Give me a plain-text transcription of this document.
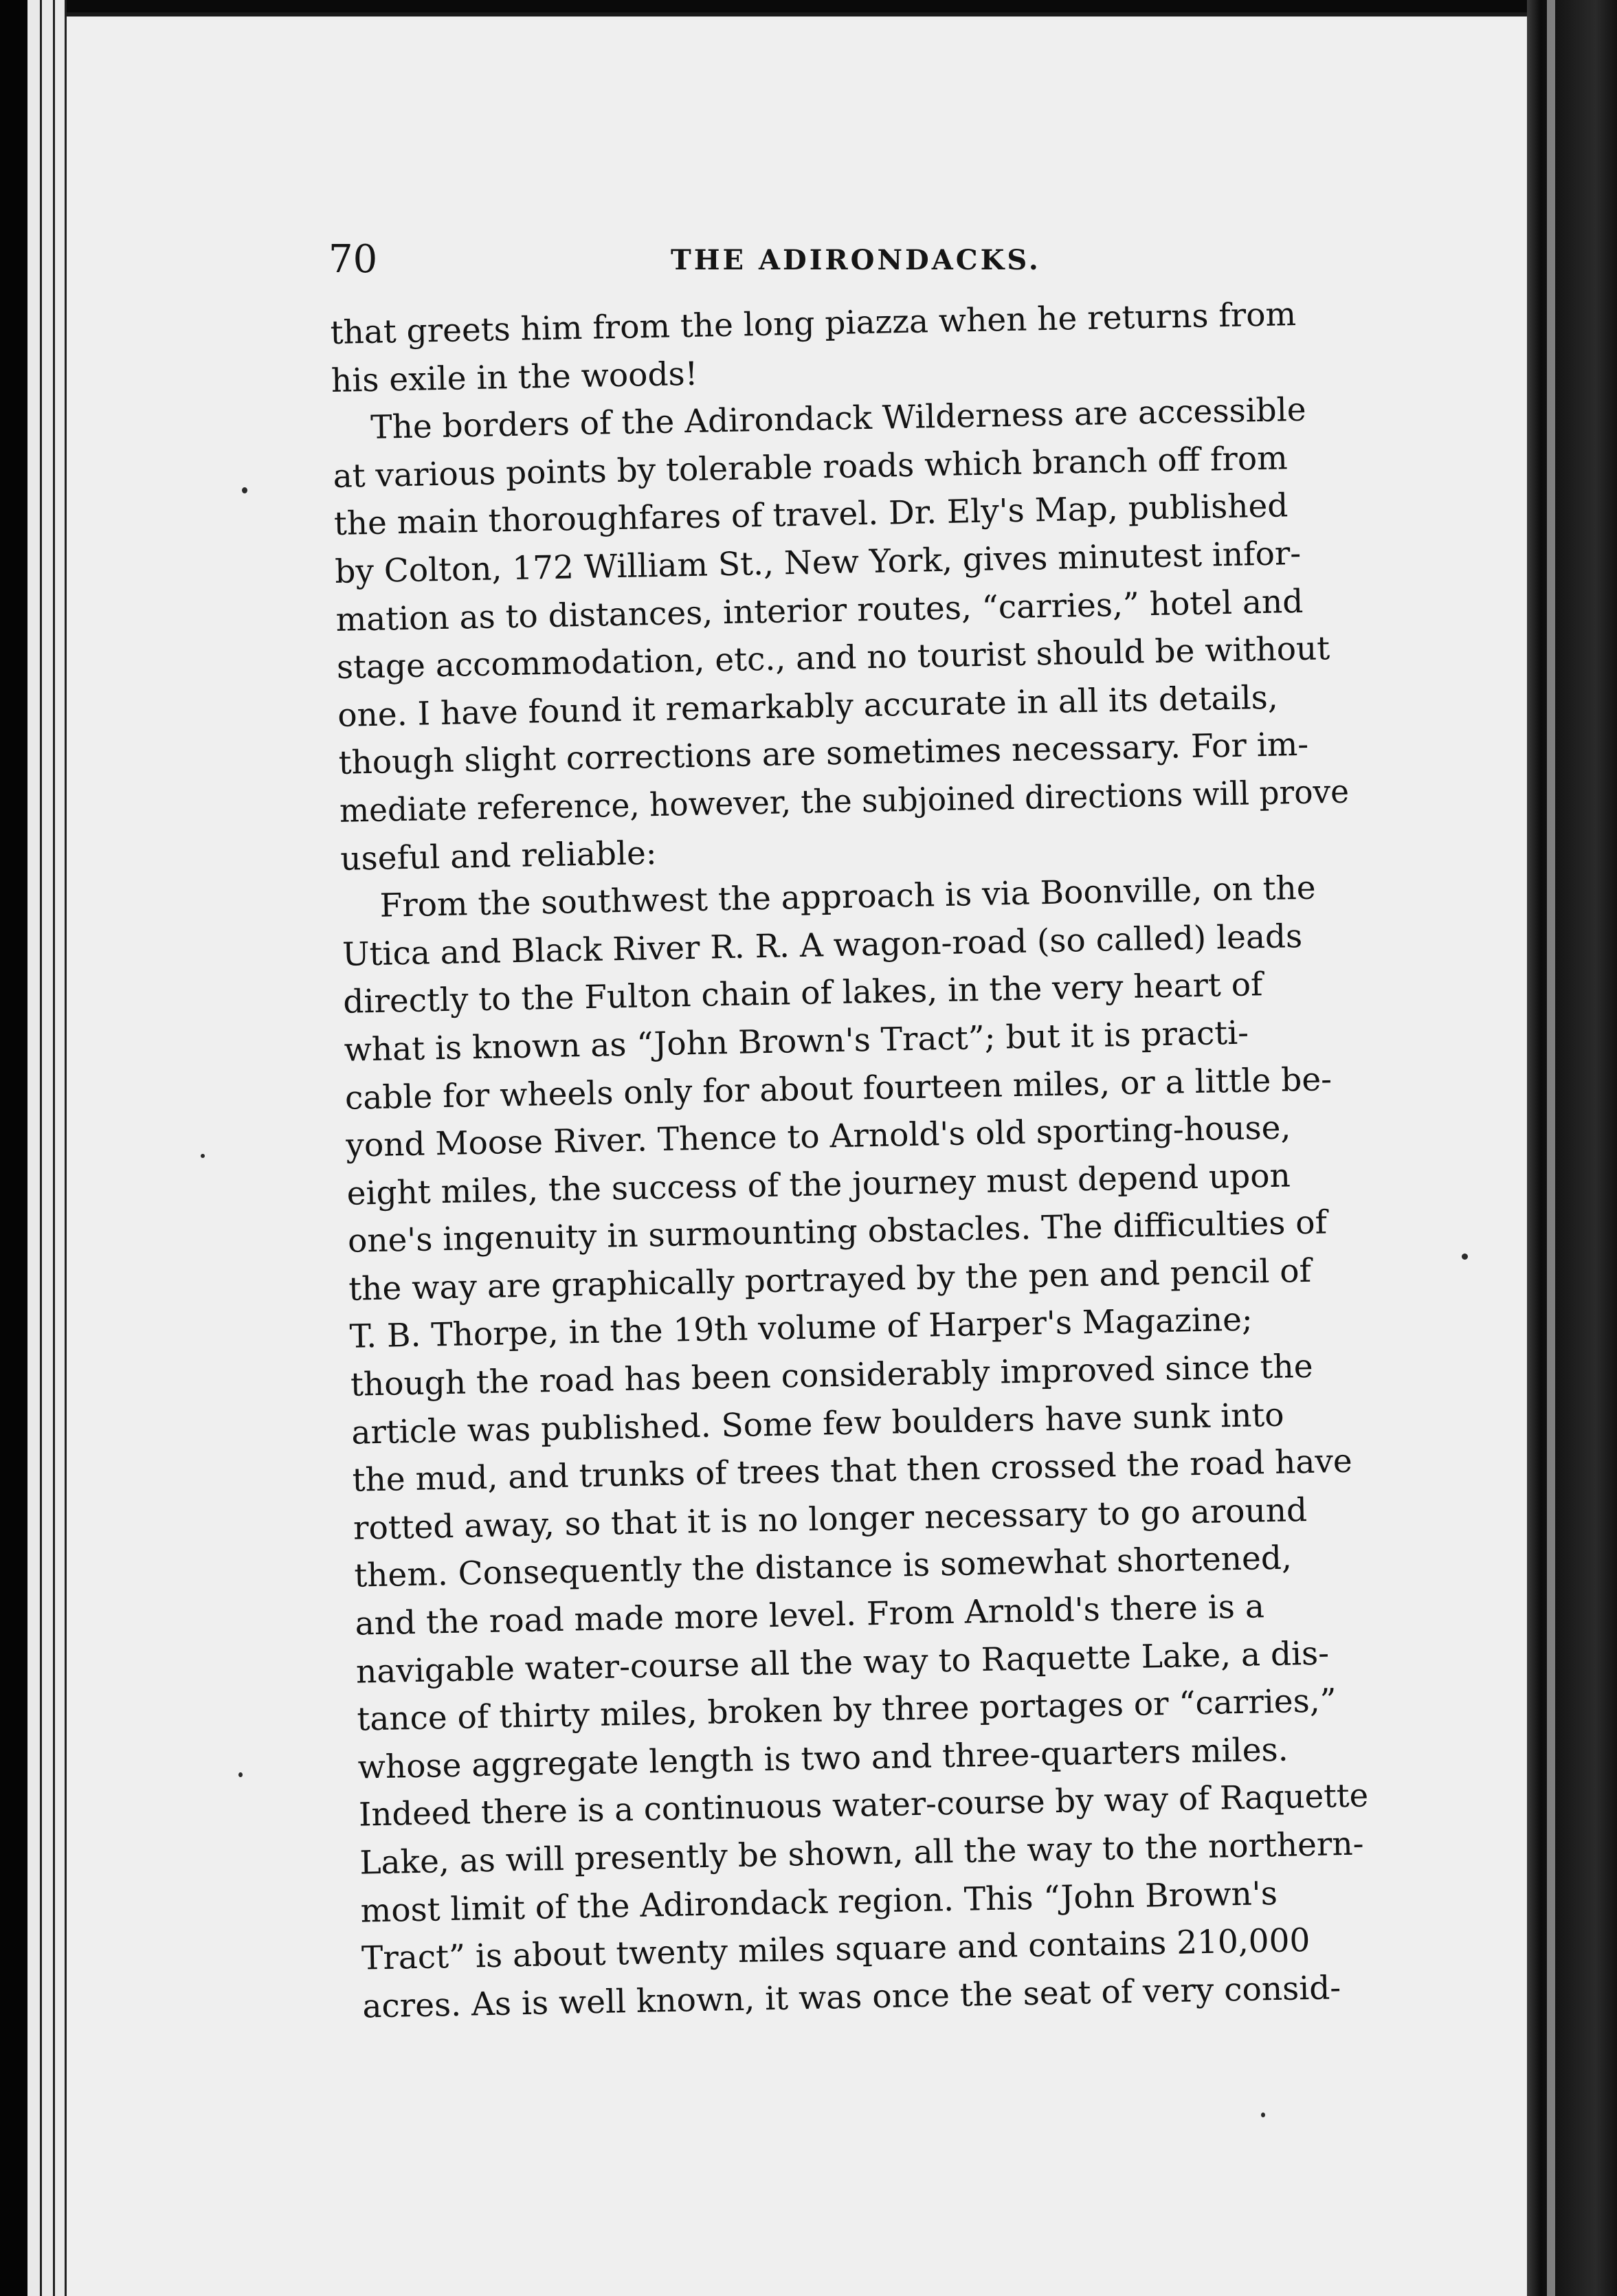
70	THE ADIRONDACKS.
that greets him from the long piazza when he returns from
his exile in the woods!
The borders of the Adirondack Wilderness are accessible
at various points by tolerable roads which branch off from
the main thoroughfares of travel. Dr. Ely's Map, published
by Colton, 172 William St., New York, gives minutest infor-
mation as to distances, interior routes, “carries,” hotel and
stage accommodation, etc., and no tourist should be without
one. I have found it remarkably accurate in all its details,
though slight corrections are sometimes necessary. For im-
mediate reference, however, the subjoined directions will prove
useful and reliable:
From the southwest the approach is via Boonville, on the
Utica and Black River R. R. A wagon-road (so called) leads
directly to the Fulton chain of lakes, in the very heart of
what is known as “John Brown's Tract”; but it is practi-
cable for wheels only for about fourteen miles, or a little be-
yond Moose River. Thence to Arnold's old sporting-house,
eight miles, the success of the journey must depend upon
one's ingenuity in surmounting obstacles. The difficulties of
the way are graphically portrayed by the pen and pencil of
T. B. Thorpe, in the 19th volume of Harper's Magazine;
though the road has been considerably improved since the
article was published. Some few boulders have sunk into
the mud, and trunks of trees that then crossed the road have
rotted away, so that it is no longer necessary to go around
them. Consequently the distance is somewhat shortened,
and the road made more level. From Arnold's there is a
navigable water-course all the way to Raquette Lake, a dis-
tance of thirty miles, broken by three portages or “carries,”
whose aggregate length is two and three-quarters miles.
Indeed there is a continuous water-course by way of Raquette
Lake, as will presently be shown, all the way to the northern-
most limit of the Adirondack region. This “John Brown's
Tract” is about twenty miles square and contains 210,000
acres. As is well known, it was once the seat of very consid-
